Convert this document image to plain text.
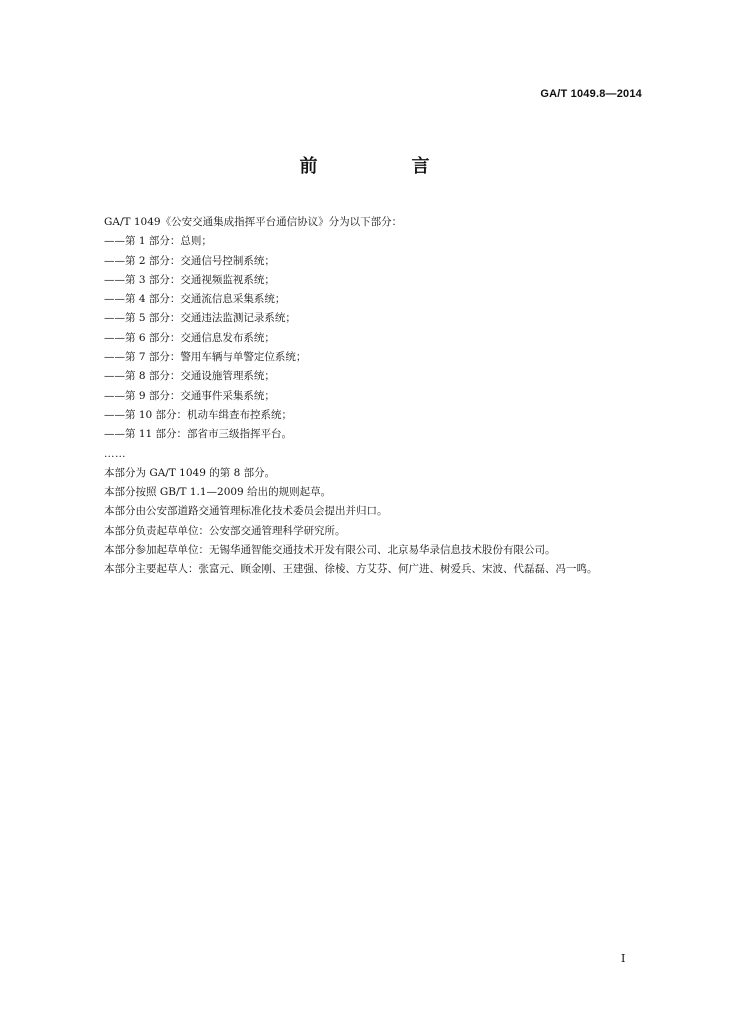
GA/T 1049.8—2014
前　言
GA/T 1049《公安交通集成指挥平台通信协议》分为以下部分：
——第 1 部分：总则；
——第 2 部分：交通信号控制系统；
——第 3 部分：交通视频监视系统；
——第 4 部分：交通流信息采集系统；
——第 5 部分：交通违法监测记录系统；
——第 6 部分：交通信息发布系统；
——第 7 部分：警用车辆与单警定位系统；
——第 8 部分：交通设施管理系统；
——第 9 部分：交通事件采集系统；
——第 10 部分：机动车缉查布控系统；
——第 11 部分：部省市三级指挥平台。
……
本部分为 GA/T 1049 的第 8 部分。
本部分按照 GB/T 1.1—2009 给出的规则起草。
本部分由公安部道路交通管理标准化技术委员会提出并归口。
本部分负责起草单位：公安部交通管理科学研究所。
本部分参加起草单位：无锡华通智能交通技术开发有限公司、北京易华录信息技术股份有限公司。
本部分主要起草人：张富元、顾金刚、王建强、徐棱、方艾芬、何广进、树爱兵、宋波、代磊磊、冯一鸣。
I
